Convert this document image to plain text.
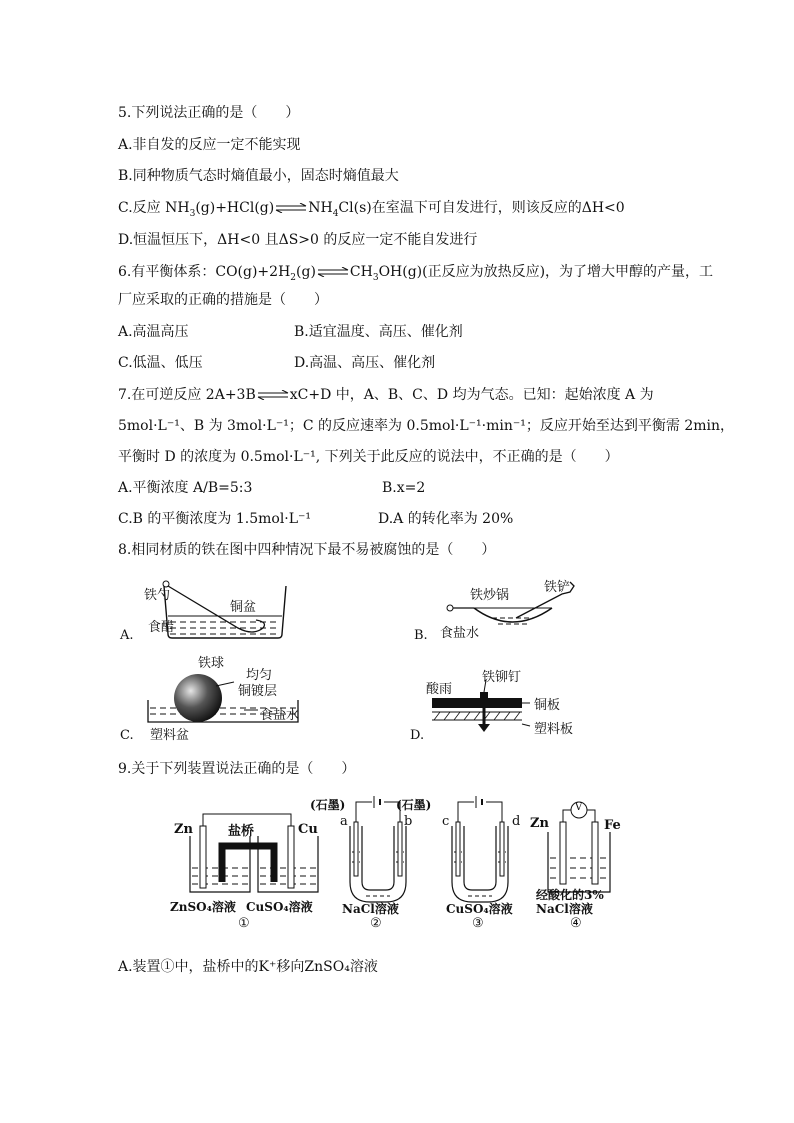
5.下列说法正确的是（　　）
A.非自发的反应一定不能实现
B.同种物质气态时熵值最小，固态时熵值最大
C.反应 $NH_3(g)+HCl(g)\rightleftharpoons NH_4Cl(s)$在室温下可自发进行，则该反应的ΔH<0
D.恒温恒压下，ΔH<0 且ΔS>0 的反应一定不能自发进行
6.有平衡体系：$CO(g)+2H_2(g)\rightleftharpoons CH_3OH(g)$(正反应为放热反应)，为了增大甲醇的产量，工
厂应采取的正确的措施是（　　）
A.高温高压	B.适宜温度、高压、催化剂
C.低温、低压	D.高温、高压、催化剂
7.在可逆反应 2A+3B⇌xC+D 中，A、B、C、D 均为气态。已知：起始浓度 A 为
5mol·L⁻¹、B 为 3mol·L⁻¹；C 的反应速率为 0.5mol·L⁻¹·min⁻¹；反应开始至达到平衡需 2min，
平衡时 D 的浓度为 0.5mol·L⁻¹, 下列关于此反应的说法中，不正确的是（　　）
A.平衡浓度 A/B=5:3	B.x=2
C.B 的平衡浓度为 1.5mol·L⁻¹	D.A 的转化率为 20%
8.相同材质的铁在图中四种情况下最不易被腐蚀的是（　　）
铁勺
铜盆
食醋
A.
铁炒锅
铁铲
食盐水
B.
铁球
均匀
铜镀层
食盐水
塑料盆
C.
酸雨
铁铆钉
铜板
塑料板
D.
9.关于下列装置说法正确的是（　　）
Zn	Cu
盐桥
ZnSO₄溶液 CuSO₄溶液
①
(石墨)	(石墨)
a	b
NaCl溶液
②
c	d
CuSO₄溶液
③
Zn
V
Fe
经酸化的3%
NaCl溶液
④
A.装置①中，盐桥中的K⁺移向ZnSO₄溶液
